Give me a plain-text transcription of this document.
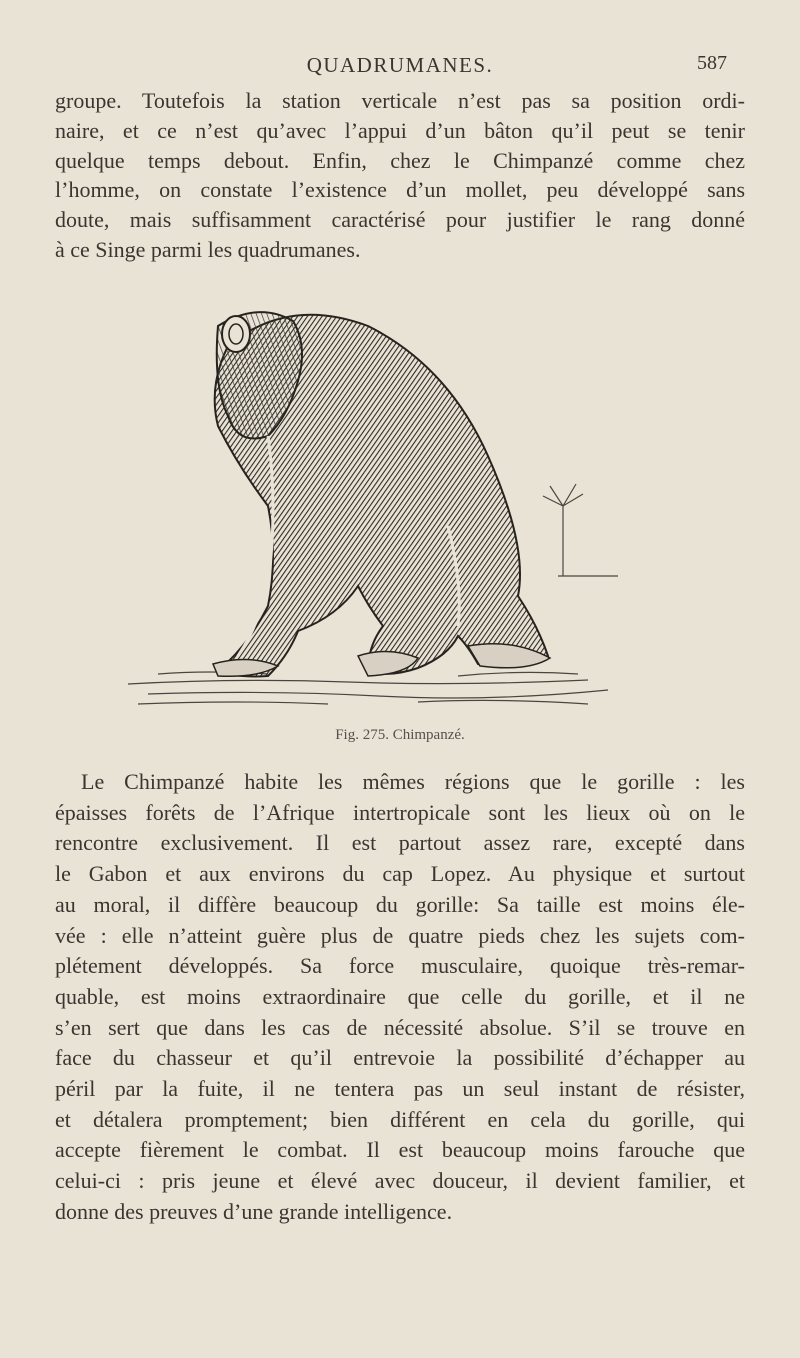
QUADRUMANES.	587
groupe. Toutefois la station verticale n’est pas sa position ordi-
naire, et ce n’est qu’avec l’appui d’un bâton qu’il peut se tenir
quelque temps debout. Enfin, chez le Chimpanzé comme chez
l’homme, on constate l’existence d’un mollet, peu développé sans
doute, mais suffisamment caractérisé pour justifier le rang donné
à ce Singe parmi les quadrumanes.
Fig. 275. Chimpanzé.
Le Chimpanzé habite les mêmes régions que le gorille : les
épaisses forêts de l’Afrique intertropicale sont les lieux où on le
rencontre exclusivement. Il est partout assez rare, excepté dans
le Gabon et aux environs du cap Lopez. Au physique et surtout
au moral, il diffère beaucoup du gorille: Sa taille est moins éle-
vée : elle n’atteint guère plus de quatre pieds chez les sujets com-
plétement développés. Sa force musculaire, quoique très-remar-
quable, est moins extraordinaire que celle du gorille, et il ne
s’en sert que dans les cas de nécessité absolue. S’il se trouve en
face du chasseur et qu’il entrevoie la possibilité d’échapper au
péril par la fuite, il ne tentera pas un seul instant de résister,
et détalera promptement; bien différent en cela du gorille, qui
accepte fièrement le combat. Il est beaucoup moins farouche que
celui-ci : pris jeune et élevé avec douceur, il devient familier, et
donne des preuves d’une grande intelligence.
